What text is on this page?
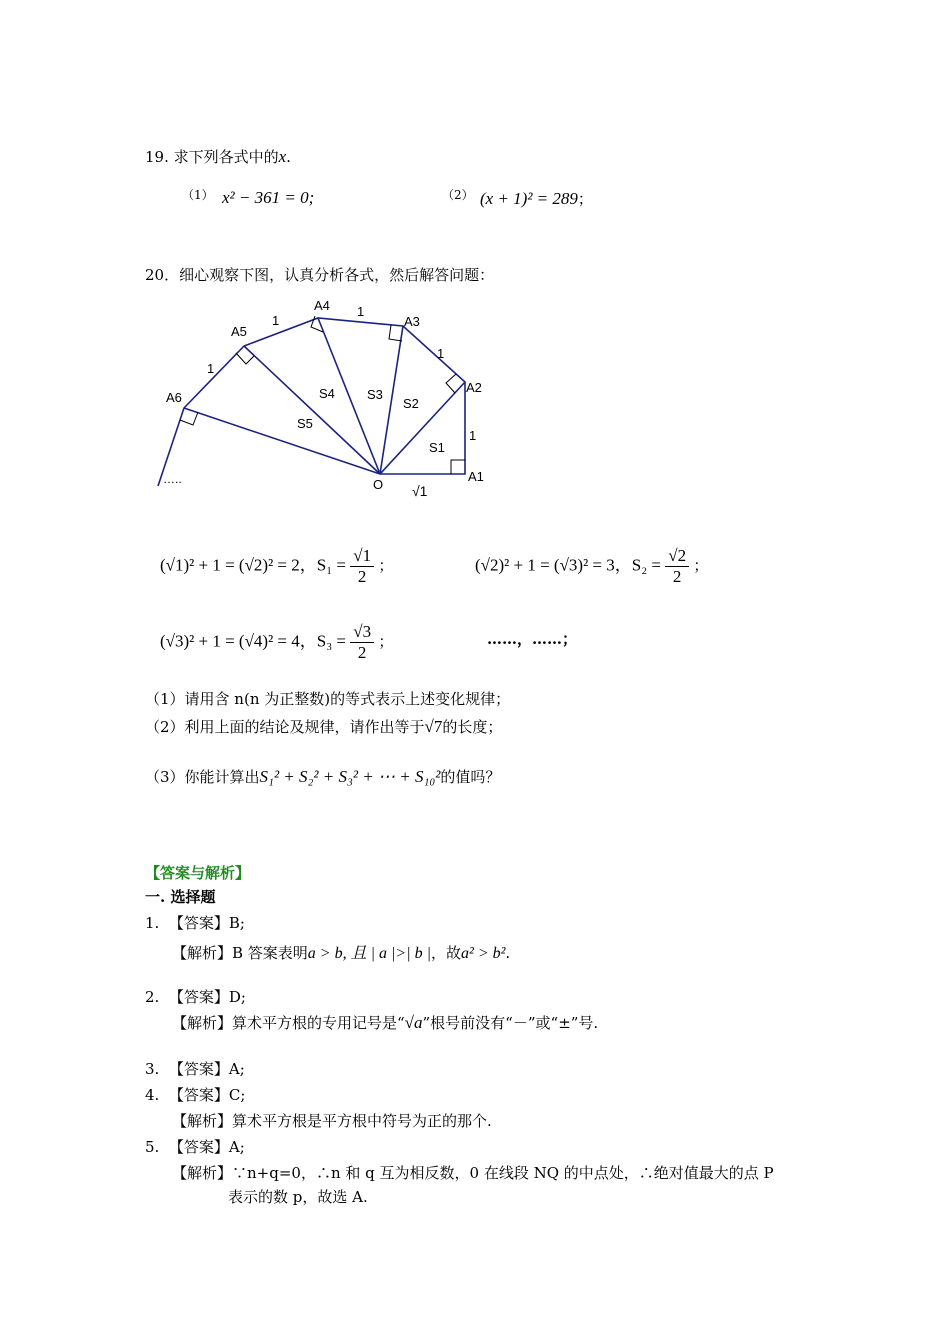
19. 求下列各式中的x.
（1） x² − 361 = 0;	（2） (x + 1)² = 289；
20．细心观察下图，认真分析各式，然后解答问题：
A1
A2
A3
A4
A5
A6
O
S1
S2
S3
S4
S5
1
1
1
1
1
√1
…..
(√1)² + 1 = (√2)² = 2，$S_1 = \frac{√1}{2}$ ；	(√2)² + 1 = (√3)² = 3，$S_2 = \frac{√2}{2}$ ；
(√3)² + 1 = (√4)² = 4，$S_3 = \frac{√3}{2}$ ；	……，……；
（1）请用含 n(n 为正整数)的等式表示上述变化规律；
（2）利用上面的结论及规律，请作出等于√7的长度；
（3）你能计算出S₁² + S₂² + S₃² + ⋯ + S₁₀²的值吗？
【答案与解析】
一. 选择题
1. 【答案】B;
【解析】B 答案表明a > b, 且 | a |>| b |，故a² > b².
2. 【答案】D;
【解析】算术平方根的专用记号是“√a”根号前没有“－”或“±”号.
3. 【答案】A;
4. 【答案】C;
【解析】算术平方根是平方根中符号为正的那个.
5. 【答案】A;
【解析】∵n+q=0，∴n 和 q 互为相反数，0 在线段 NQ 的中点处，∴绝对值最大的点 P
表示的数 p，故选 A.
